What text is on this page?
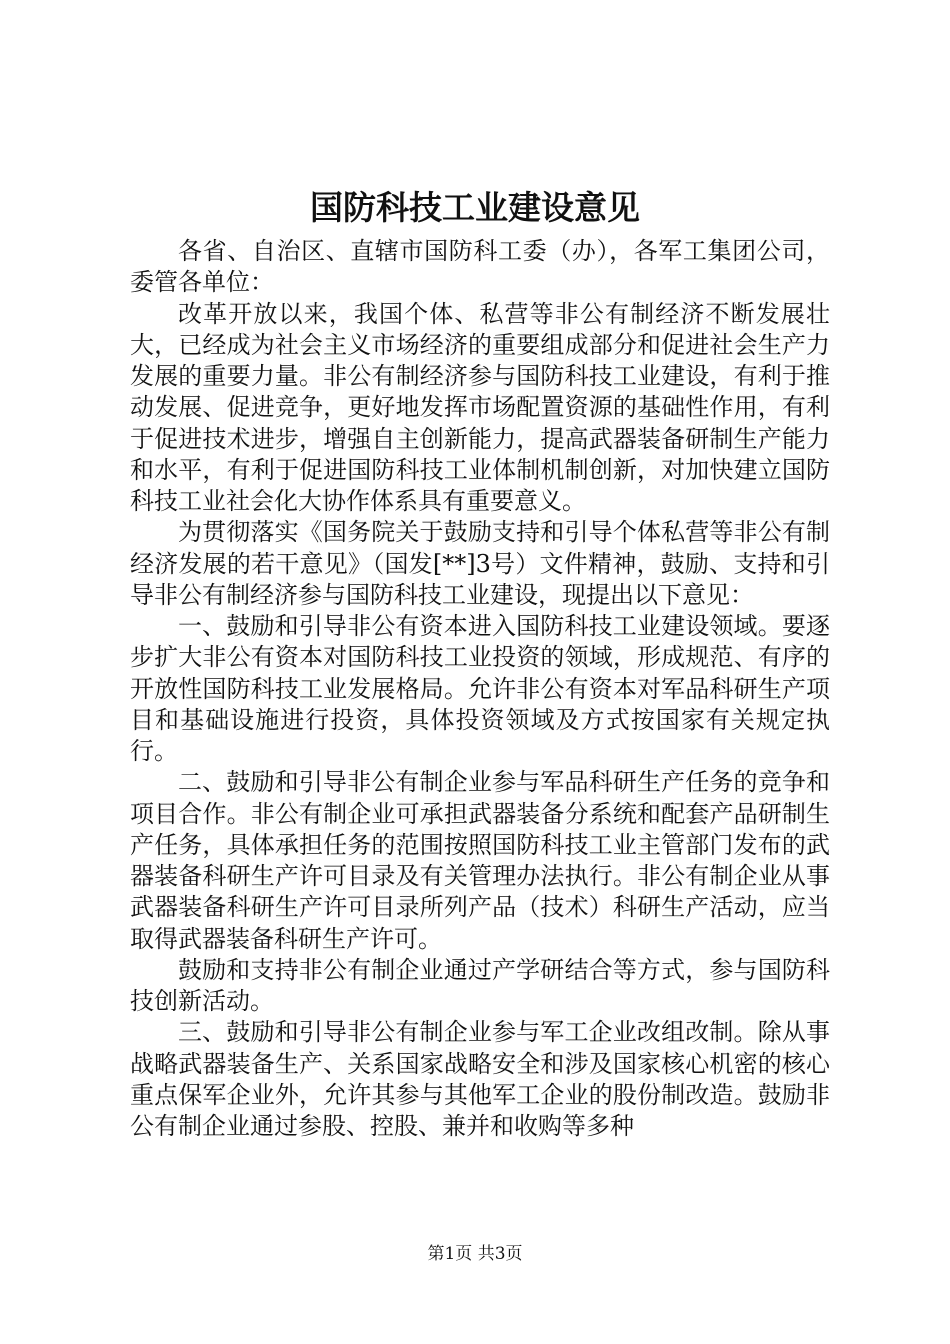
国防科技工业建设意见

各省、自治区、直辖市国防科工委（办），各军工集团公司，委管各单位：

改革开放以来，我国个体、私营等非公有制经济不断发展壮大，已经成为社会主义市场经济的重要组成部分和促进社会生产力发展的重要力量。非公有制经济参与国防科技工业建设，有利于推动发展、促进竞争，更好地发挥市场配置资源的基础性作用，有利于促进技术进步，增强自主创新能力，提高武器装备研制生产能力和水平，有利于促进国防科技工业体制机制创新，对加快建立国防科技工业社会化大协作体系具有重要意义。

为贯彻落实《国务院关于鼓励支持和引导个体私营等非公有制经济发展的若干意见》（国发[**]3号）文件精神，鼓励、支持和引导非公有制经济参与国防科技工业建设，现提出以下意见：

一、鼓励和引导非公有资本进入国防科技工业建设领域。要逐步扩大非公有资本对国防科技工业投资的领域，形成规范、有序的开放性国防科技工业发展格局。允许非公有资本对军品科研生产项目和基础设施进行投资，具体投资领域及方式按国家有关规定执行。

二、鼓励和引导非公有制企业参与军品科研生产任务的竞争和项目合作。非公有制企业可承担武器装备分系统和配套产品研制生产任务，具体承担任务的范围按照国防科技工业主管部门发布的武器装备科研生产许可目录及有关管理办法执行。非公有制企业从事武器装备科研生产许可目录所列产品（技术）科研生产活动，应当取得武器装备科研生产许可。

鼓励和支持非公有制企业通过产学研结合等方式，参与国防科技创新活动。

三、鼓励和引导非公有制企业参与军工企业改组改制。除从事战略武器装备生产、关系国家战略安全和涉及国家核心机密的核心重点保军企业外，允许其参与其他军工企业的股份制改造。鼓励非公有制企业通过参股、控股、兼并和收购等多种

第1页 共3页
